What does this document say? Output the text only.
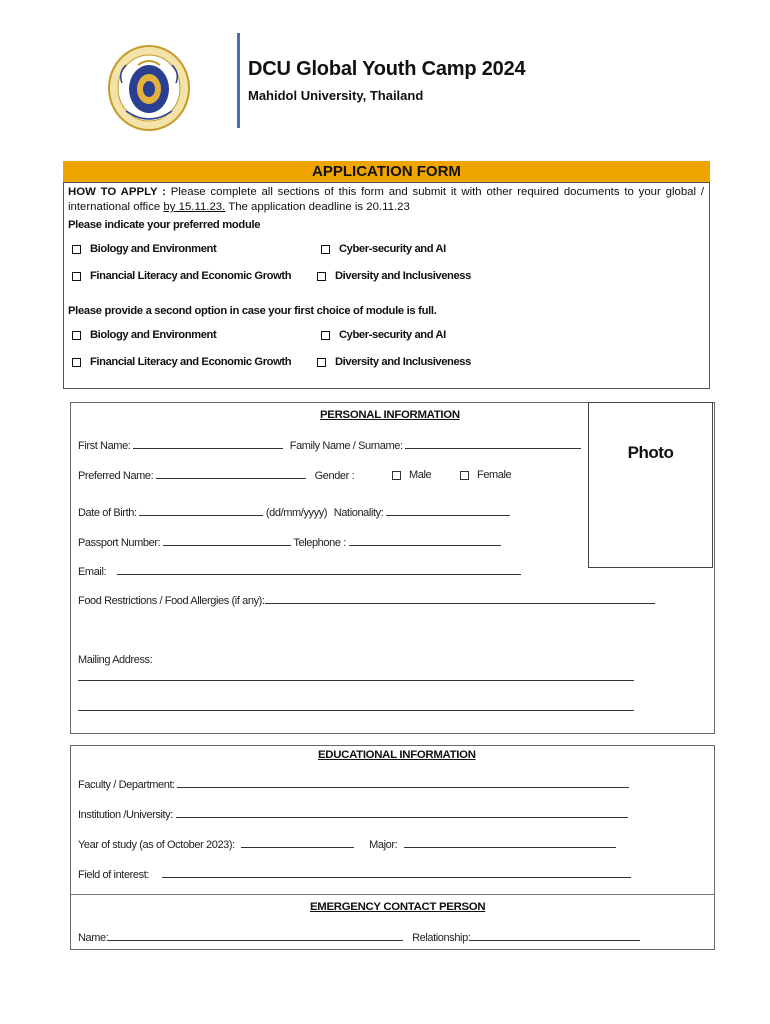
DCU Global Youth Camp 2024
Mahidol University, Thailand
APPLICATION FORM
HOW TO APPLY : Please complete all sections of this form and submit it with other required documents to your global / international office by 15.11.23. The application deadline is 20.11.23
Please indicate your preferred module
Biology and Environment	Cyber-security and AI
Financial Literacy and Economic Growth	Diversity and Inclusiveness
Please provide a second option in case your first choice of module is full.
Biology and Environment	Cyber-security and AI
Financial Literacy and Economic Growth	Diversity and Inclusiveness
Photo
PERSONAL INFORMATION
First Name:	Family Name / Surname:
Preferred Name:	Gender :	Male	Female
Date of Birth:	(dd/mm/yyyy) Nationality:
Passport Number:	Telephone :
Email:
Food Restrictions / Food Allergies (if any):
Mailing Address:
EDUCATIONAL INFORMATION
Faculty / Department:
Institution /University:
Year of study (as of October 2023):	Major:
Field of interest:
EMERGENCY CONTACT PERSON
Name:	Relationship:
